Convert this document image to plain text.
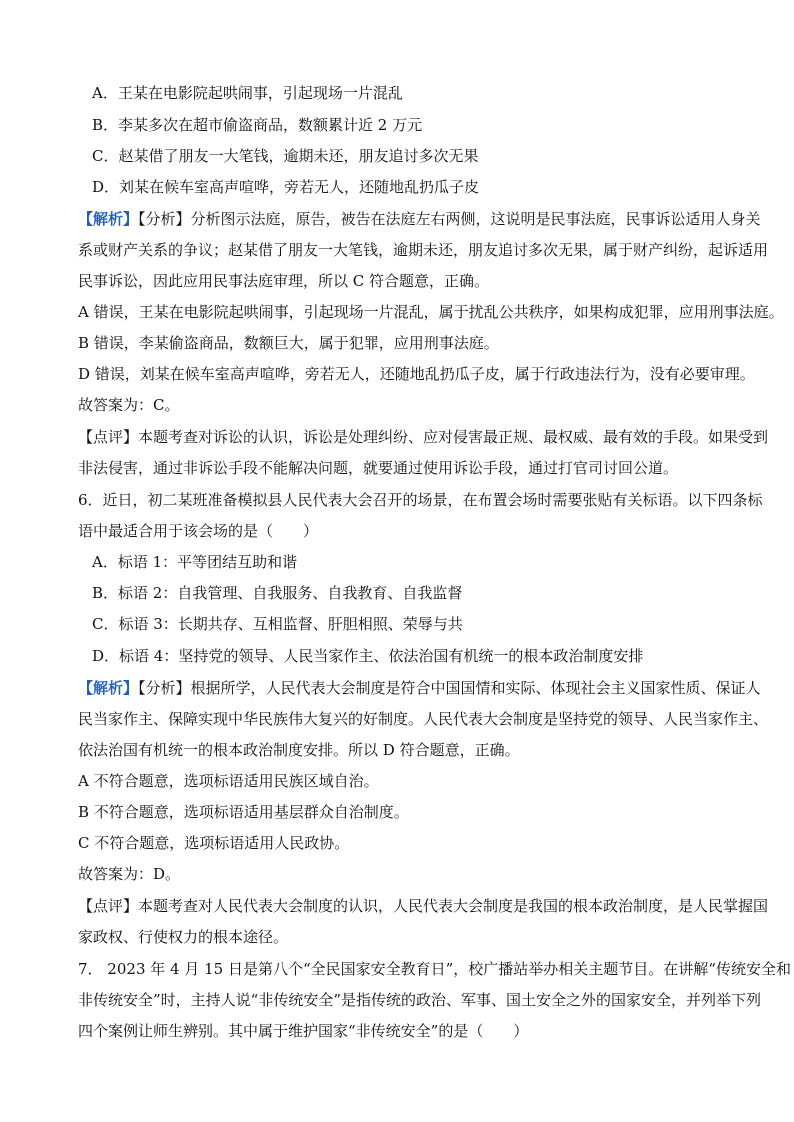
A．王某在电影院起哄闹事，引起现场一片混乱
B．李某多次在超市偷盗商品，数额累计近 2 万元
C．赵某借了朋友一大笔钱，逾期未还，朋友追讨多次无果
D．刘某在候车室高声喧哗，旁若无人，还随地乱扔瓜子皮
【解析】【分析】分析图示法庭，原告，被告在法庭左右两侧，这说明是民事法庭，民事诉讼适用人身关
系或财产关系的争议；赵某借了朋友一大笔钱，逾期未还，朋友追讨多次无果，属于财产纠纷，起诉适用
民事诉讼，因此应用民事法庭审理，所以 C 符合题意，正确。
A 错误，王某在电影院起哄闹事，引起现场一片混乱，属于扰乱公共秩序，如果构成犯罪，应用刑事法庭。
B 错误，李某偷盗商品，数额巨大，属于犯罪，应用刑事法庭。
D 错误，刘某在候车室高声喧哗，旁若无人，还随地乱扔瓜子皮，属于行政违法行为，没有必要审理。
故答案为：C。
【点评】本题考查对诉讼的认识，诉讼是处理纠纷、应对侵害最正规、最权威、最有效的手段。如果受到
非法侵害，通过非诉讼手段不能解决问题，就要通过使用诉讼手段，通过打官司讨回公道。
6．近日，初二某班准备模拟县人民代表大会召开的场景，在布置会场时需要张贴有关标语。以下四条标
语中最适合用于该会场的是（　　）
A．标语 1：平等团结互助和谐
B．标语 2：自我管理、自我服务、自我教育、自我监督
C．标语 3：长期共存、互相监督、肝胆相照、荣辱与共
D．标语 4：坚持党的领导、人民当家作主、依法治国有机统一的根本政治制度安排
【解析】【分析】根据所学，人民代表大会制度是符合中国国情和实际、体现社会主义国家性质、保证人
民当家作主、保障实现中华民族伟大复兴的好制度。人民代表大会制度是坚持党的领导、人民当家作主、
依法治国有机统一的根本政治制度安排。所以 D 符合题意，正确。
A 不符合题意，选项标语适用民族区域自治。
B 不符合题意，选项标语适用基层群众自治制度。
C 不符合题意，选项标语适用人民政协。
故答案为：D。
【点评】本题考查对人民代表大会制度的认识，人民代表大会制度是我国的根本政治制度，是人民掌握国
家政权、行使权力的根本途径。
7． 2023 年 4 月 15 日是第八个“全民国家安全教育日”，校广播站举办相关主题节目。在讲解“传统安全和
非传统安全”时，主持人说“非传统安全”是指传统的政治、军事、国土安全之外的国家安全，并列举下列
四个案例让师生辨别。其中属于维护国家“非传统安全”的是（　　）
